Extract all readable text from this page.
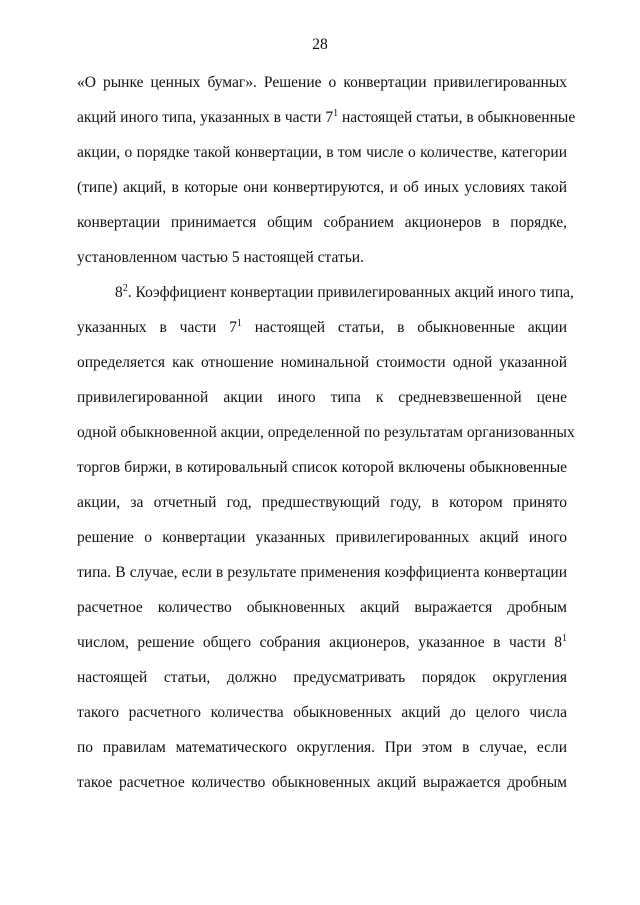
28
«О рынке ценных бумаг». Решение о конвертации привилегированных
акций иного типа, указанных в части $7^1$ настоящей статьи, в обыкновенные
акции, о порядке такой конвертации, в том числе о количестве, категории
(типе) акций, в которые они конвертируются, и об иных условиях такой
конвертации принимается общим собранием акционеров в порядке,
установленном частью 5 настоящей статьи.
$8^2$. Коэффициент конвертации привилегированных акций иного типа,
указанных в части $7^1$ настоящей статьи, в обыкновенные акции
определяется как отношение номинальной стоимости одной указанной
привилегированной акции иного типа к средневзвешенной цене
одной обыкновенной акции, определенной по результатам организованных
торгов биржи, в котировальный список которой включены обыкновенные
акции, за отчетный год, предшествующий году, в котором принято
решение о конвертации указанных привилегированных акций иного
типа. В случае, если в результате применения коэффициента конвертации
расчетное количество обыкновенных акций выражается дробным
числом, решение общего собрания акционеров, указанное в части $8^1$
настоящей статьи, должно предусматривать порядок округления
такого расчетного количества обыкновенных акций до целого числа
по правилам математического округления. При этом в случае, если
такое расчетное количество обыкновенных акций выражается дробным
